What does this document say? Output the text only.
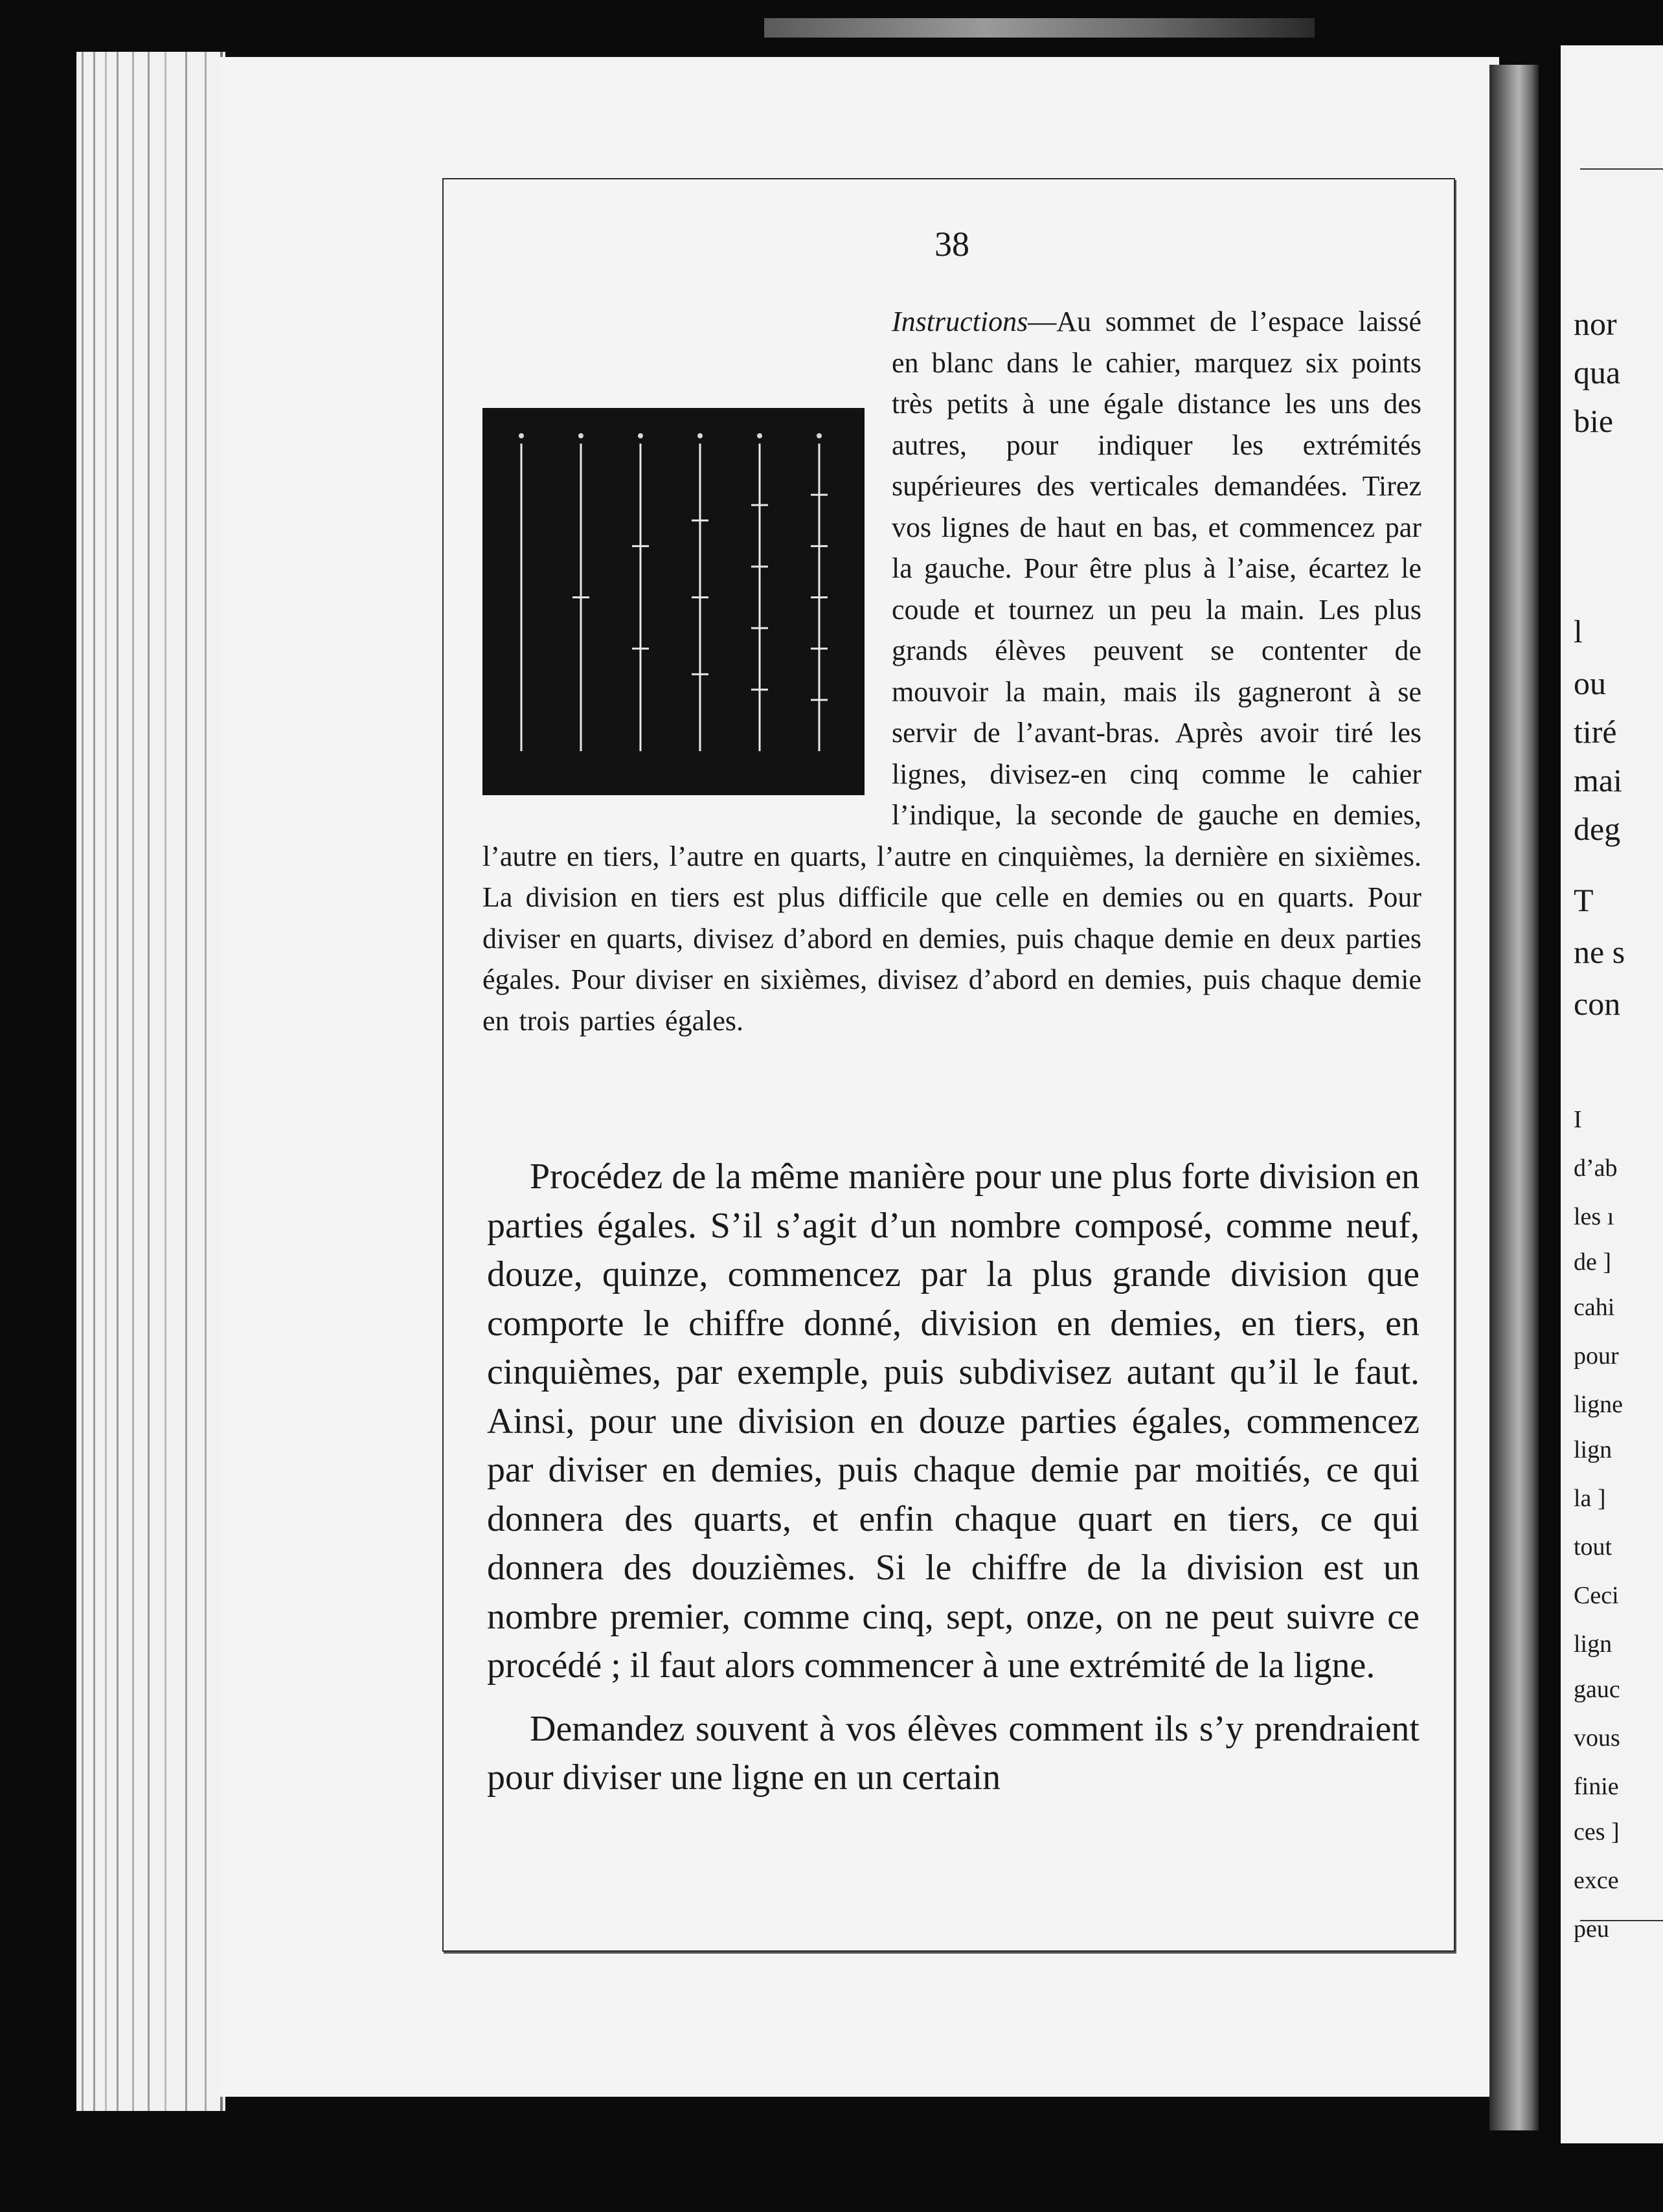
38

Instructions—Au sommet de l’espace laissé en blanc dans le cahier, marquez six points très petits à une égale distance les uns des autres, pour indiquer les extrémités supérieures des verticales demandées. Tirez vos lignes de haut en bas, et commencez par la gauche. Pour être plus à l’aise, écartez le coude et tournez un peu la main. Les plus grands élèves peuvent se contenter de mouvoir la main, mais ils gagneront à se servir de l’avant-bras. Après avoir tiré les lignes, divisez-en cinq comme le cahier l’indique, la seconde de gauche en demies, l’autre en tiers, l’autre en quarts, l’autre en cinquièmes, la dernière en sixièmes. La division en tiers est plus difficile que celle en demies ou en quarts. Pour diviser en quarts, divisez d’abord en demies, puis chaque demie en deux parties égales. Pour diviser en sixièmes, divisez d’abord en demies, puis chaque demie en trois parties égales.

Procédez de la même manière pour une plus forte division en parties égales. S’il s’agit d’un nombre composé, comme neuf, douze, quinze, commencez par la plus grande division que comporte le chiffre donné, division en demies, en tiers, en cinquièmes, par exemple, puis subdivisez autant qu’il le faut. Ainsi, pour une division en douze parties égales, commencez par diviser en demies, puis chaque demie par moitiés, ce qui donnera des quarts, et enfin chaque quart en tiers, ce qui donnera des douzièmes. Si le chiffre de la division est un nombre premier, comme cinq, sept, onze, on ne peut suivre ce procédé ; il faut alors commencer à une extrémité de la ligne.

Demandez souvent à vos élèves comment ils s’y prendraient pour diviser une ligne en un certain

nor
qua
bie
l
ou
tiré
mai
deg
T
ne s
con
I
d’ab
les ı
de ]
cahi
pour
ligne
lign
la ]
tout
Ceci
lign
gauc
vous
finie
ces ]
exce
peu
